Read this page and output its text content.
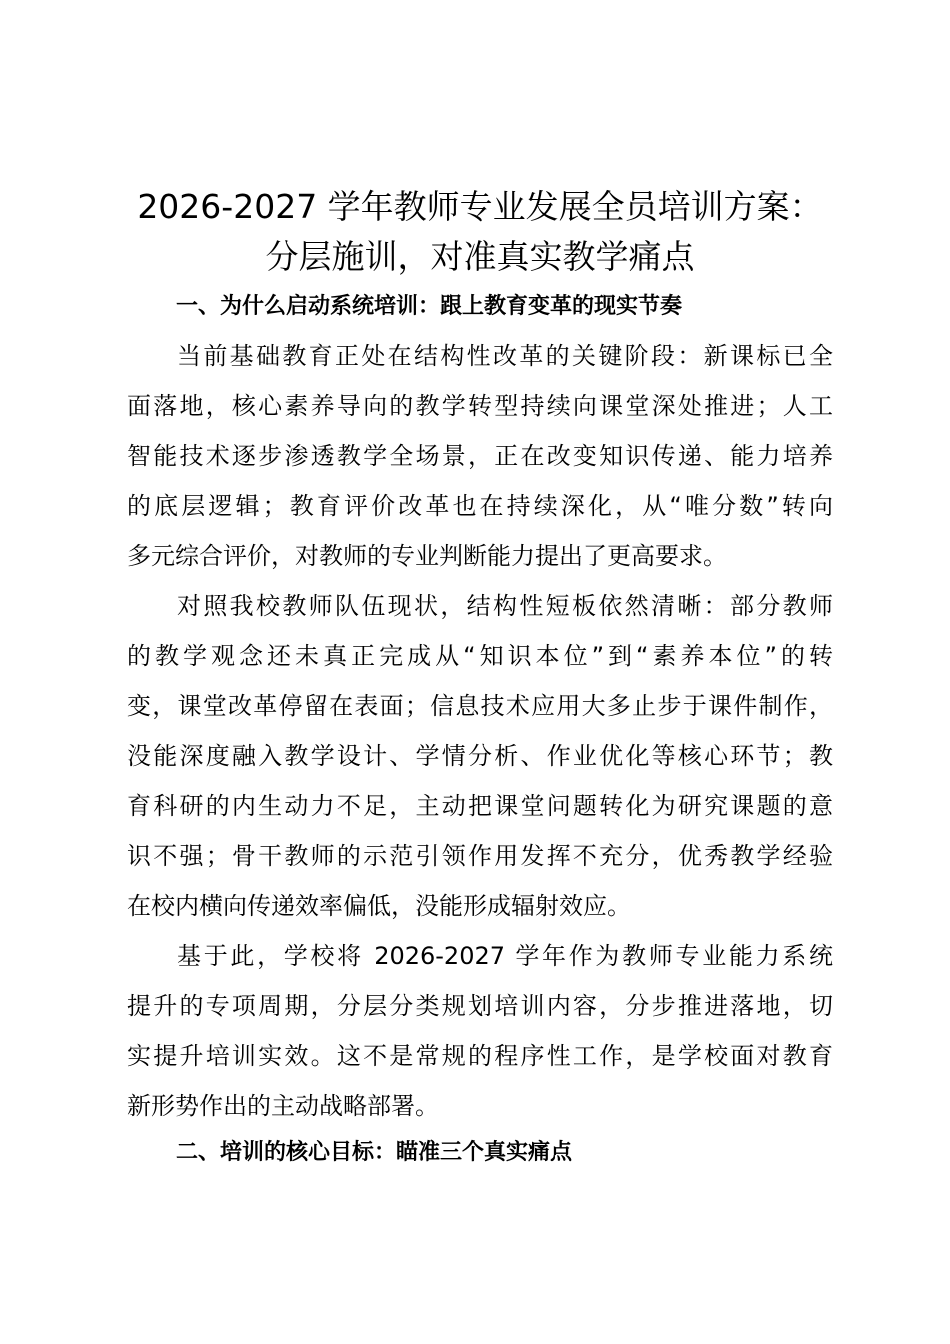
2026-2027 学年教师专业发展全员培训方案：
分层施训，对准真实教学痛点
一、为什么启动系统培训：跟上教育变革的现实节奏

当前基础教育正处在结构性改革的关键阶段：新课标已全

面落地，核心素养导向的教学转型持续向课堂深处推进；人工

智能技术逐步渗透教学全场景，正在改变知识传递、能力培养

的底层逻辑；教育评价改革也在持续深化，从“唯分数”转向

多元综合评价，对教师的专业判断能力提出了更高要求。

对照我校教师队伍现状，结构性短板依然清晰：部分教师

的教学观念还未真正完成从“知识本位”到“素养本位”的转

变，课堂改革停留在表面；信息技术应用大多止步于课件制作，

没能深度融入教学设计、学情分析、作业优化等核心环节；教

育科研的内生动力不足，主动把课堂问题转化为研究课题的意

识不强；骨干教师的示范引领作用发挥不充分，优秀教学经验

在校内横向传递效率偏低，没能形成辐射效应。

基于此，学校将 2026-2027 学年作为教师专业能力系统

提升的专项周期，分层分类规划培训内容，分步推进落地，切

实提升培训实效。这不是常规的程序性工作，是学校面对教育

新形势作出的主动战略部署。

二、培训的核心目标：瞄准三个真实痛点
